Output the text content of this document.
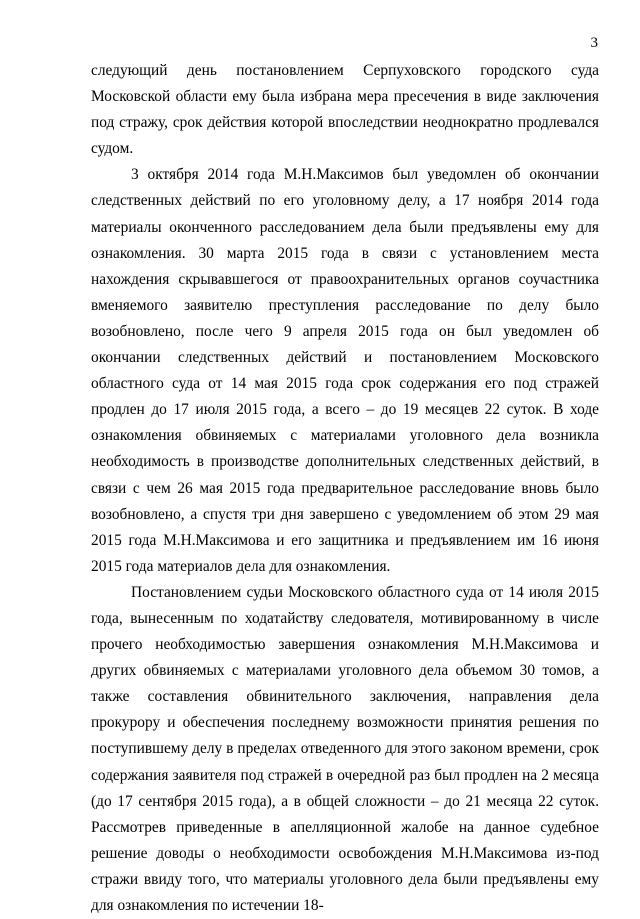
3

следующий день постановлением Серпуховского городского суда Московской области ему была избрана мера пресечения в виде заключения под стражу, срок действия которой впоследствии неоднократно продлевался судом.

3 октября 2014 года М.Н.Максимов был уведомлен об окончании следственных действий по его уголовному делу, а 17 ноября 2014 года материалы оконченного расследованием дела были предъявлены ему для ознакомления. 30 марта 2015 года в связи с установлением места нахождения скрывавшегося от правоохранительных органов соучастника вменяемого заявителю преступления расследование по делу было возобновлено, после чего 9 апреля 2015 года он был уведомлен об окончании следственных действий и постановлением Московского областного суда от 14 мая 2015 года срок содержания его под стражей продлен до 17 июля 2015 года, а всего – до 19 месяцев 22 суток. В ходе ознакомления обвиняемых с материалами уголовного дела возникла необходимость в производстве дополнительных следственных действий, в связи с чем 26 мая 2015 года предварительное расследование вновь было возобновлено, а спустя три дня завершено с уведомлением об этом 29 мая 2015 года М.Н.Максимова и его защитника и предъявлением им 16 июня 2015 года материалов дела для ознакомления.

Постановлением судьи Московского областного суда от 14 июля 2015 года, вынесенным по ходатайству следователя, мотивированному в числе прочего необходимостью завершения ознакомления М.Н.Максимова и других обвиняемых с материалами уголовного дела объемом 30 томов, а также составления обвинительного заключения, направления дела прокурору и обеспечения последнему возможности принятия решения по поступившему делу в пределах отведенного для этого законом времени, срок содержания заявителя под стражей в очередной раз был продлен на 2 месяца (до 17 сентября 2015 года), а в общей сложности – до 21 месяца 22 суток. Рассмотрев приведенные в апелляционной жалобе на данное судебное решение доводы о необходимости освобождения М.Н.Максимова из-под стражи ввиду того, что материалы уголовного дела были предъявлены ему для ознакомления по истечении 18-
